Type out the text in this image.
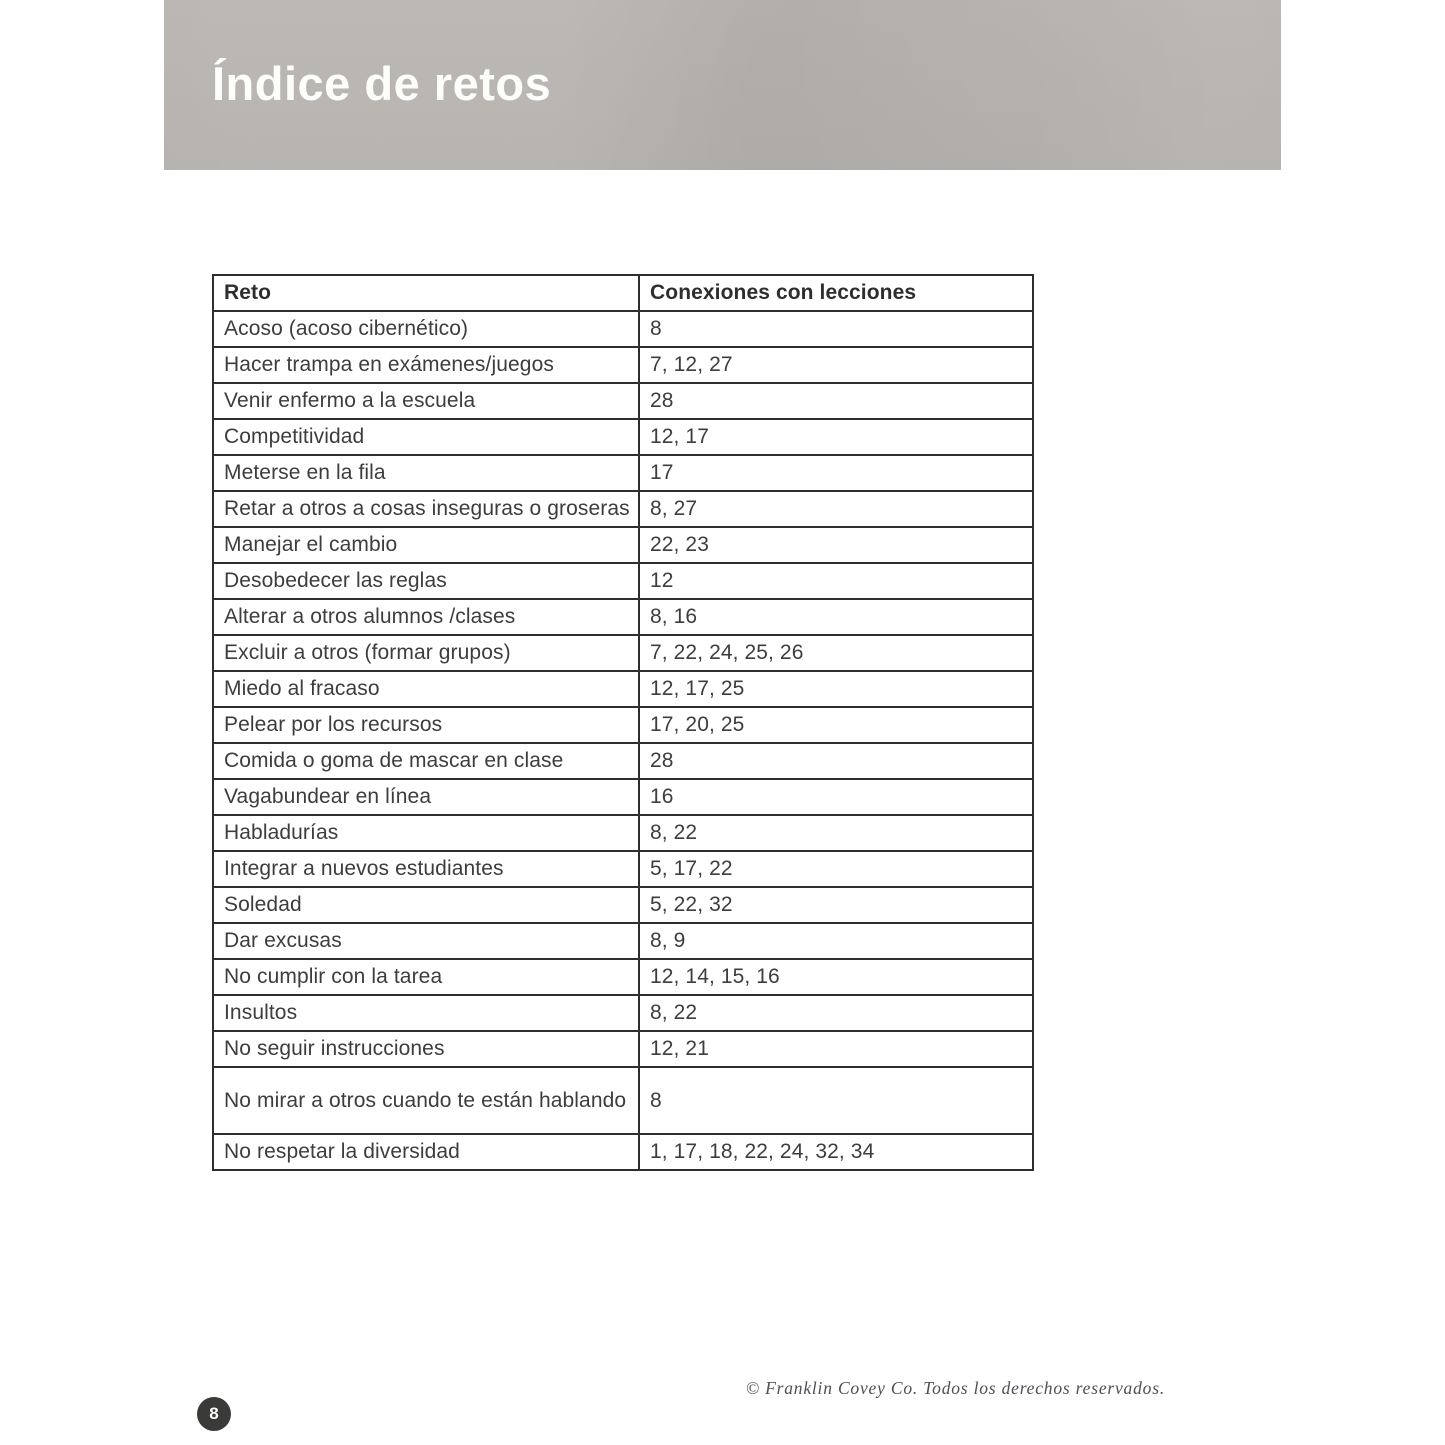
Índice de retos
Reto	Conexiones con lecciones
Acoso (acoso cibernético)	8
Hacer trampa en exámenes/juegos	7, 12, 27
Venir enfermo a la escuela	28
Competitividad	12, 17
Meterse en la fila	17
Retar a otros a cosas inseguras o groseras	8, 27
Manejar el cambio	22, 23
Desobedecer las reglas	12
Alterar a otros alumnos /clases	8, 16
Excluir a otros (formar grupos)	7, 22, 24, 25, 26
Miedo al fracaso	12, 17, 25
Pelear por los recursos	17, 20, 25
Comida o goma de mascar en clase	28
Vagabundear en línea	16
Habladurías	8, 22
Integrar a nuevos estudiantes	5, 17, 22
Soledad	5, 22, 32
Dar excusas	8, 9
No cumplir con la tarea	12, 14, 15, 16
Insultos	8, 22
No seguir instrucciones	12, 21
No mirar a otros cuando te están hablando	8
No respetar la diversidad	1, 17, 18, 22, 24, 32, 34
© Franklin Covey Co. Todos los derechos reservados.
8
